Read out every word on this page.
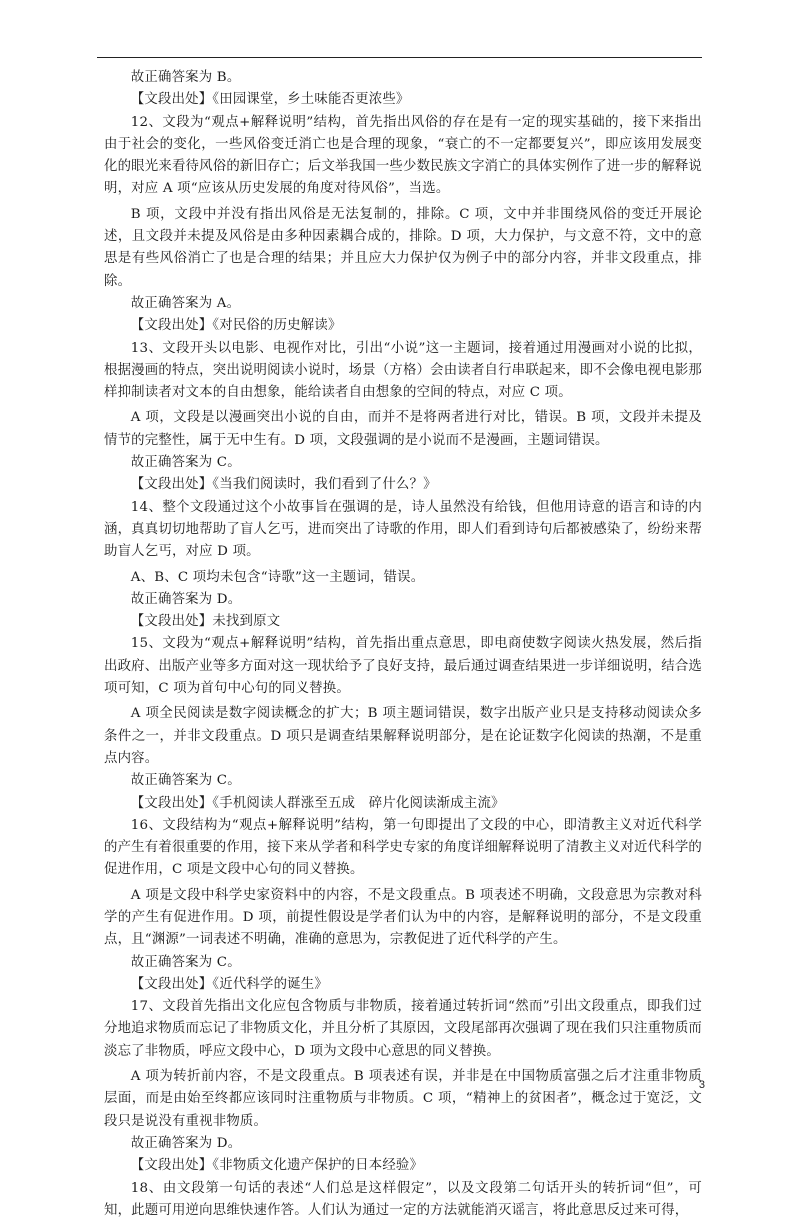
故正确答案为 B。

【文段出处】《田园课堂，乡土味能否更浓些》

12、文段为“观点+解释说明”结构，首先指出风俗的存在是有一定的现实基础的，接下来指出由于社会的变化，一些风俗变迁消亡也是合理的现象，“衰亡的不一定都要复兴”，即应该用发展变化的眼光来看待风俗的新旧存亡；后文举我国一些少数民族文字消亡的具体实例作了进一步的解释说明，对应 A 项“应该从历史发展的角度对待风俗”，当选。

B 项，文段中并没有指出风俗是无法复制的，排除。C 项，文中并非围绕风俗的变迁开展论述，且文段并未提及风俗是由多种因素耦合成的，排除。D 项，大力保护，与文意不符，文中的意思是有些风俗消亡了也是合理的结果；并且应大力保护仅为例子中的部分内容，并非文段重点，排除。

故正确答案为 A。

【文段出处】《对民俗的历史解读》

13、文段开头以电影、电视作对比，引出“小说”这一主题词，接着通过用漫画对小说的比拟，根据漫画的特点，突出说明阅读小说时，场景（方格）会由读者自行串联起来，即不会像电视电影那样抑制读者对文本的自由想象，能给读者自由想象的空间的特点，对应 C 项。

A 项，文段是以漫画突出小说的自由，而并不是将两者进行对比，错误。B 项，文段并未提及情节的完整性，属于无中生有。D 项，文段强调的是小说而不是漫画，主题词错误。

故正确答案为 C。

【文段出处】《当我们阅读时，我们看到了什么？》

14、整个文段通过这个小故事旨在强调的是，诗人虽然没有给钱，但他用诗意的语言和诗的内涵，真真切切地帮助了盲人乞丐，进而突出了诗歌的作用，即人们看到诗句后都被感染了，纷纷来帮助盲人乞丐，对应 D 项。

A、B、C 项均未包含“诗歌”这一主题词，错误。

故正确答案为 D。

【文段出处】未找到原文

15、文段为“观点+解释说明”结构，首先指出重点意思，即电商使数字阅读火热发展，然后指出政府、出版产业等多方面对这一现状给予了良好支持，最后通过调查结果进一步详细说明，结合选项可知，C 项为首句中心句的同义替换。

A 项全民阅读是数字阅读概念的扩大；B 项主题词错误，数字出版产业只是支持移动阅读众多条件之一，并非文段重点。D 项只是调查结果解释说明部分，是在论证数字化阅读的热潮，不是重点内容。

故正确答案为 C。

【文段出处】《手机阅读人群涨至五成　碎片化阅读渐成主流》

16、文段结构为“观点+解释说明”结构，第一句即提出了文段的中心，即清教主义对近代科学的产生有着很重要的作用，接下来从学者和科学史专家的角度详细解释说明了清教主义对近代科学的促进作用，C 项是文段中心句的同义替换。

A 项是文段中科学史家资料中的内容，不是文段重点。B 项表述不明确，文段意思为宗教对科学的产生有促进作用。D 项，前提性假设是学者们认为中的内容，是解释说明的部分，不是文段重点，且“渊源”一词表述不明确，准确的意思为，宗教促进了近代科学的产生。

故正确答案为 C。

【文段出处】《近代科学的诞生》

17、文段首先指出文化应包含物质与非物质，接着通过转折词“然而”引出文段重点，即我们过分地追求物质而忘记了非物质文化，并且分析了其原因，文段尾部再次强调了现在我们只注重物质而淡忘了非物质，呼应文段中心，D 项为文段中心意思的同义替换。

A 项为转折前内容，不是文段重点。B 项表述有误，并非是在中国物质富强之后才注重非物质层面，而是由始至终都应该同时注重物质与非物质。C 项，“精神上的贫困者”，概念过于宽泛，文段只是说没有重视非物质。

故正确答案为 D。

【文段出处】《非物质文化遗产保护的日本经验》

18、由文段第一句话的表述“人们总是这样假定”，以及文段第二句话开头的转折词“但”，可知，此题可用逆向思维快速作答。人们认为通过一定的方法就能消灭谣言，将此意思反过来可得，

3
